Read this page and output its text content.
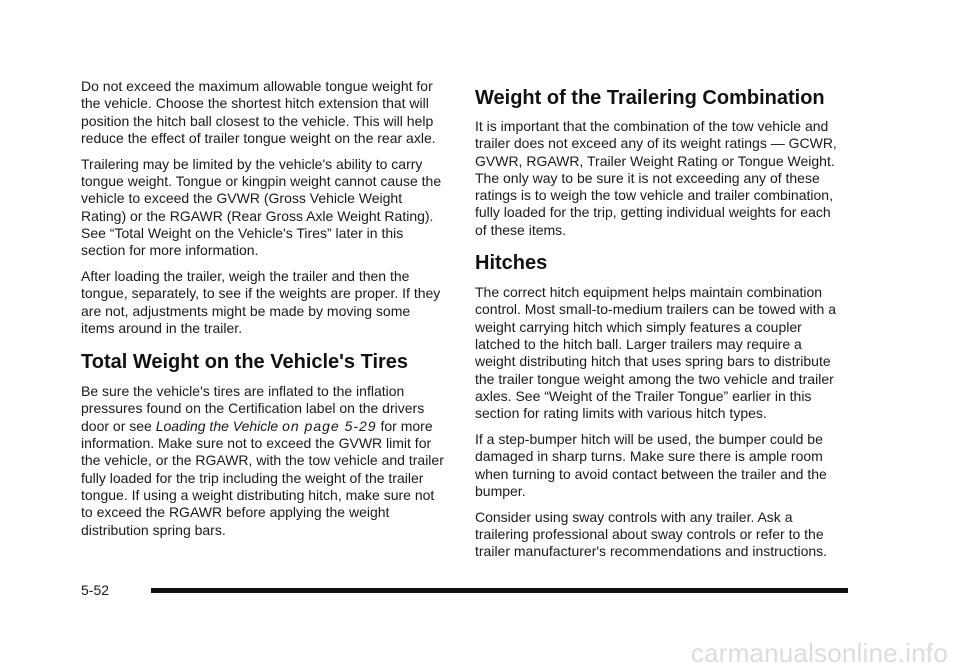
Do not exceed the maximum allowable tongue weight for the vehicle. Choose the shortest hitch extension that will position the hitch ball closest to the vehicle. This will help reduce the effect of trailer tongue weight on the rear axle.

Trailering may be limited by the vehicle's ability to carry tongue weight. Tongue or kingpin weight cannot cause the vehicle to exceed the GVWR (Gross Vehicle Weight Rating) or the RGAWR (Rear Gross Axle Weight Rating). See “Total Weight on the Vehicle's Tires” later in this section for more information.

After loading the trailer, weigh the trailer and then the tongue, separately, to see if the weights are proper. If they are not, adjustments might be made by moving some items around in the trailer.

Total Weight on the Vehicle's Tires

Be sure the vehicle's tires are inflated to the inflation pressures found on the Certification label on the drivers door or see Loading the Vehicle on page 5-29 for more information. Make sure not to exceed the GVWR limit for the vehicle, or the RGAWR, with the tow vehicle and trailer fully loaded for the trip including the weight of the trailer tongue. If using a weight distributing hitch, make sure not to exceed the RGAWR before applying the weight distribution spring bars.

Weight of the Trailering Combination

It is important that the combination of the tow vehicle and trailer does not exceed any of its weight ratings — GCWR, GVWR, RGAWR, Trailer Weight Rating or Tongue Weight. The only way to be sure it is not exceeding any of these ratings is to weigh the tow vehicle and trailer combination, fully loaded for the trip, getting individual weights for each of these items.

Hitches

The correct hitch equipment helps maintain combination control. Most small-to-medium trailers can be towed with a weight carrying hitch which simply features a coupler latched to the hitch ball. Larger trailers may require a weight distributing hitch that uses spring bars to distribute the trailer tongue weight among the two vehicle and trailer axles. See “Weight of the Trailer Tongue” earlier in this section for rating limits with various hitch types.

If a step-bumper hitch will be used, the bumper could be damaged in sharp turns. Make sure there is ample room when turning to avoid contact between the trailer and the bumper.

Consider using sway controls with any trailer. Ask a trailering professional about sway controls or refer to the trailer manufacturer's recommendations and instructions.

5-52
carmanualsonline.info
